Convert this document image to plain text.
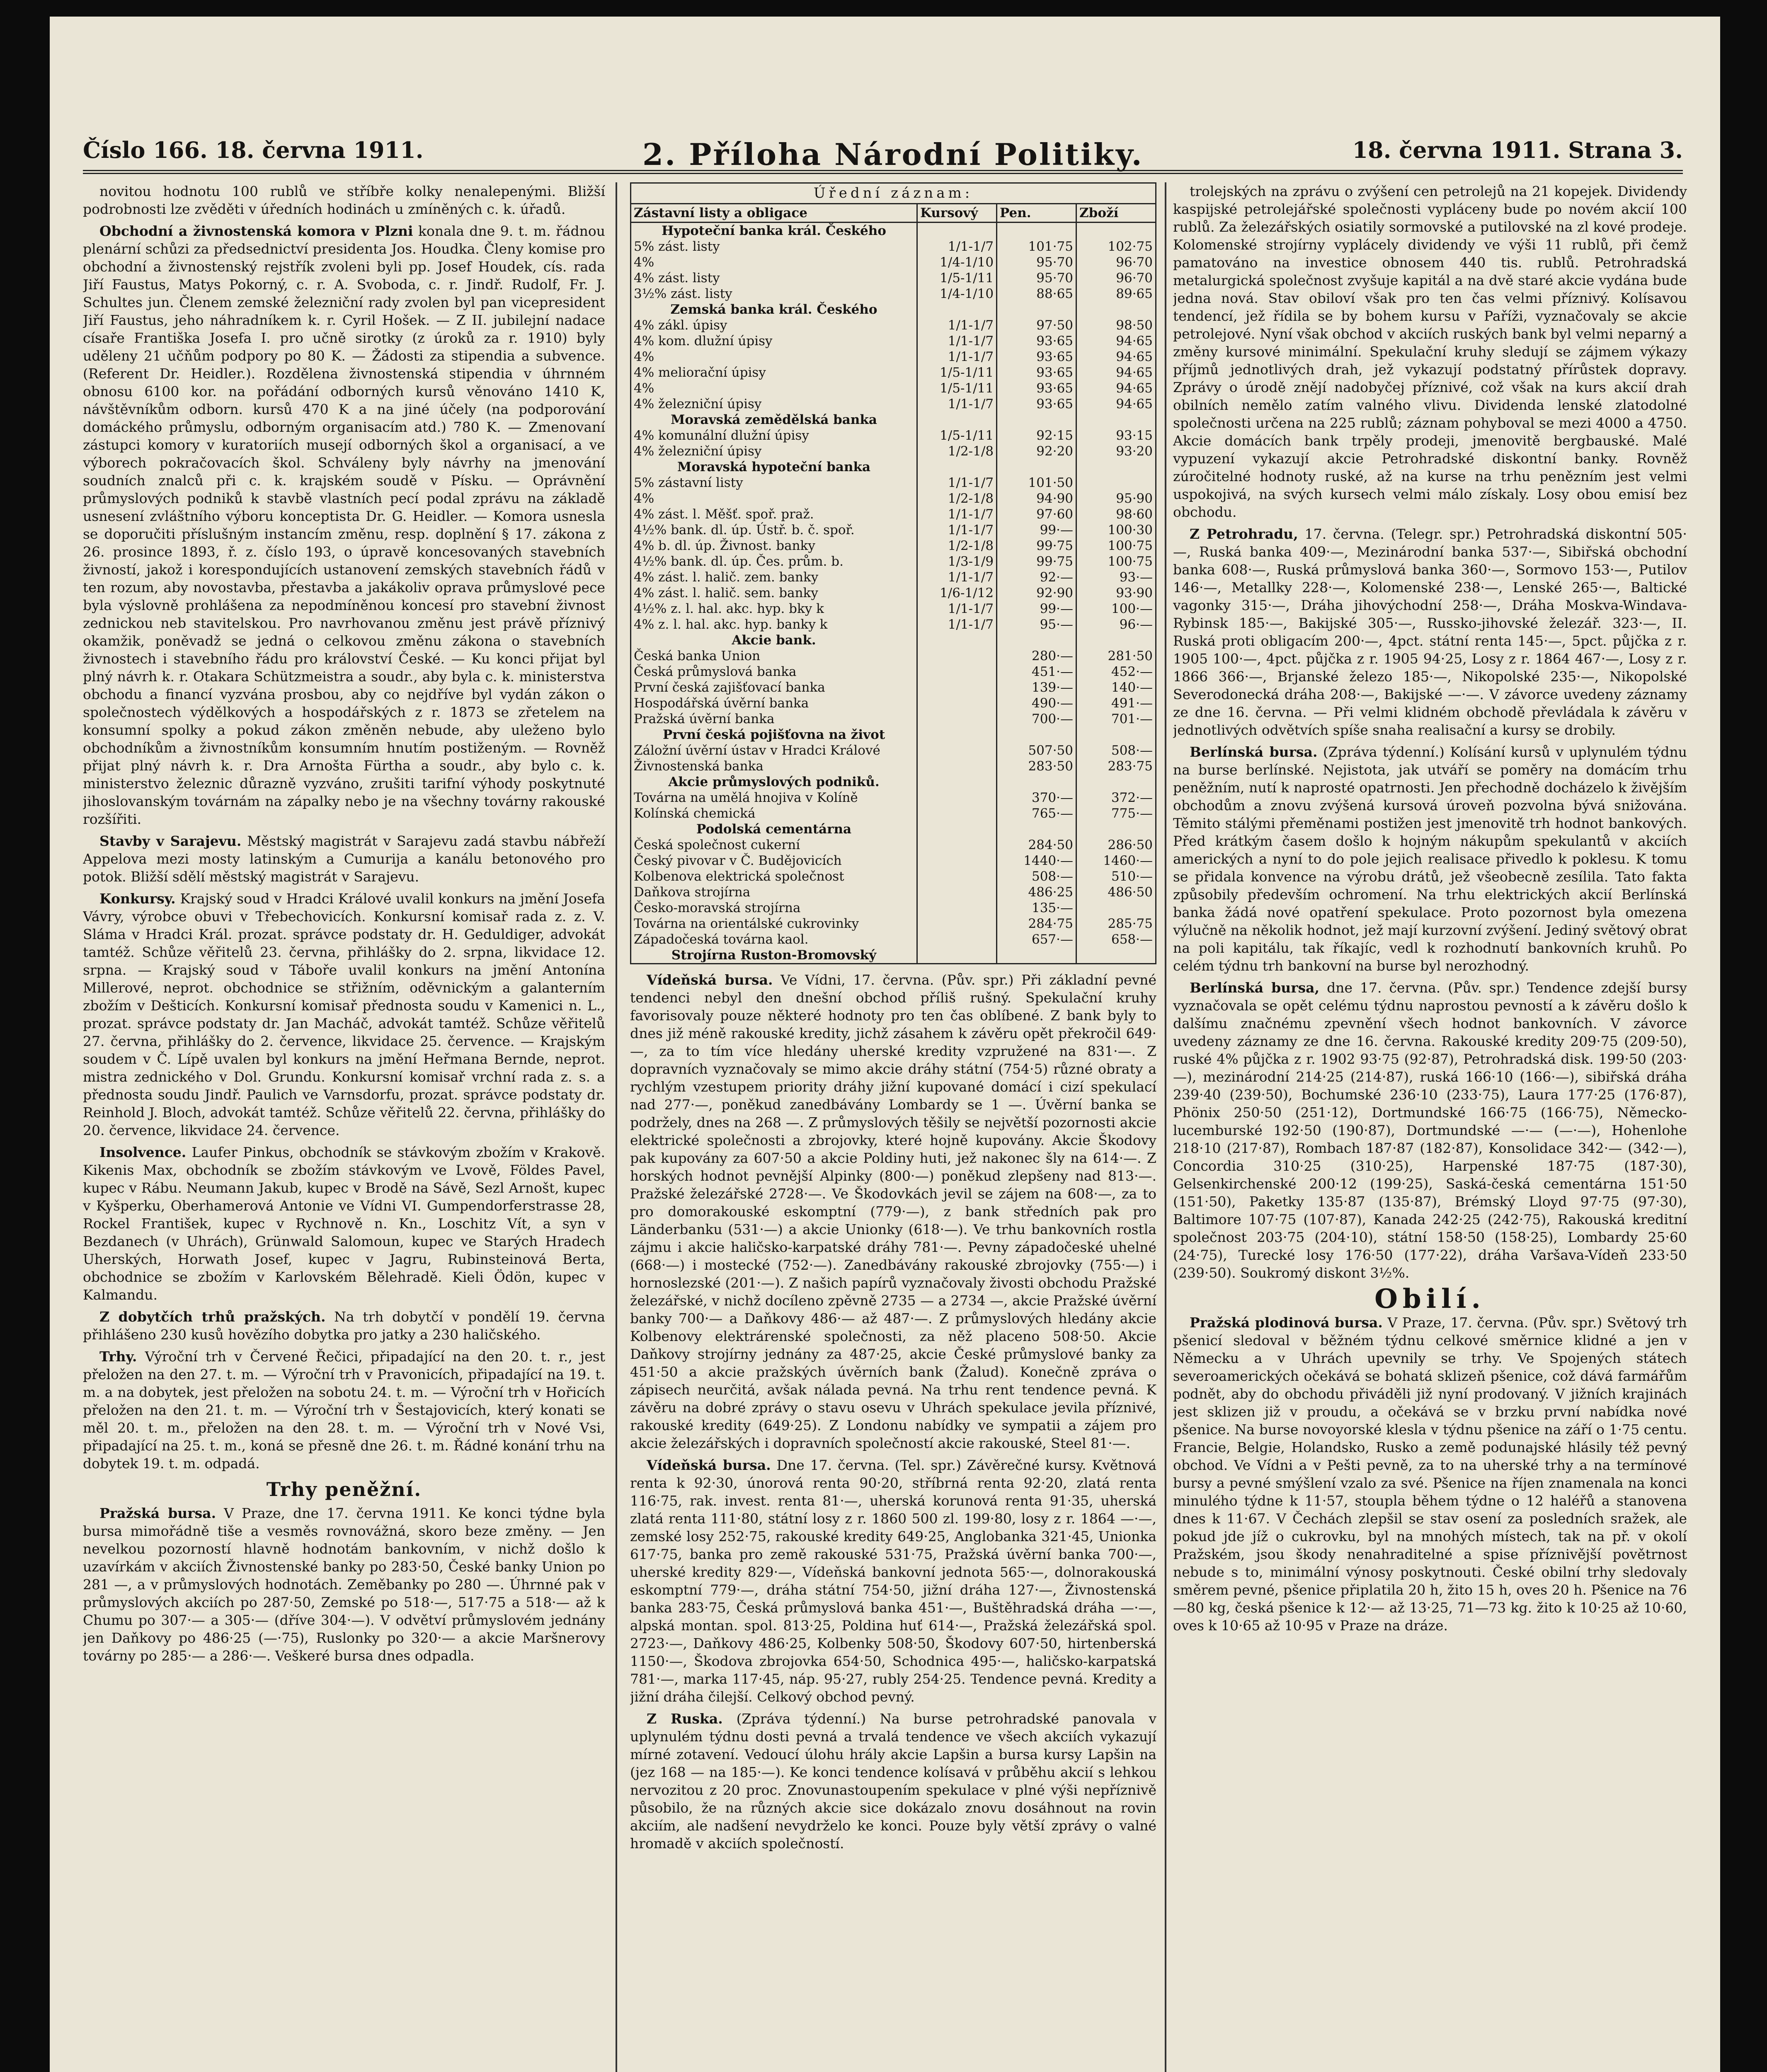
Číslo 166. 18. června 1911.	2. Příloha Národní Politiky.	18. června 1911. Strana 3.

novitou hodnotu 100 rublů ve stříbře kolky nenalepenými. Bližší podrobnosti lze zvěděti v úředních hodinách u zmíněných c. k. úřadů.

Obchodní a živnostenská komora v Plzni konala dne 9. t. m. řádnou plenární schůzi za předsednictví presidenta Jos. Houdka. Členy komise pro obchodní a živnostenský rejstřík zvoleni byli pp. Josef Houdek, cís. rada Jiří Faustus, Matys Pokorný, c. r. A. Svoboda, c. r. Jindř. Rudolf, Fr. J. Schultes jun. Členem zemské železniční rady zvolen byl pan vicepresident Jiří Faustus, jeho náhradníkem k. r. Cyril Hošek. — Z II. jubilejní nadace císaře Františka Josefa I. pro učně sirotky (z úroků za r. 1910) byly uděleny 21 učňům podpory po 80 K. — Žádosti za stipendia a subvence. (Referent Dr. Heidler.). Rozdělena živnostenská stipendia v úhrnném obnosu 6100 kor. na pořádání odborných kursů věnováno 1410 K, návštěvníkům odborn. kursů 470 K a na jiné účely (na podporování domáckého průmyslu, odborným organisacím atd.) 780 K. — Zmenovaní zástupci komory v kuratoriích musejí odborných škol a organisací, a ve výborech pokračovacích škol. Schváleny byly návrhy na jmenování soudních znalců při c. k. krajském soudě v Písku. — Oprávnění průmyslových podniků k stavbě vlastních pecí podal zprávu na základě usnesení zvláštního výboru konceptista Dr. G. Heidler. — Komora usnesla se doporučiti příslušným instancím změnu, resp. doplnění § 17. zákona z 26. prosince 1893, ř. z. číslo 193, o úpravě koncesovaných stavebních živností, jakož i korespondujících ustanovení zemských stavebních řádů v ten rozum, aby novostavba, přestavba a jakákoliv oprava průmyslové pece byla výslovně prohlášena za nepodmíněnou koncesí pro stavební živnost zednickou neb stavitelskou. Pro navrhovanou změnu jest právě příznivý okamžik, poněvadž se jedná o celkovou změnu zákona o stavebních živnostech i stavebního řádu pro království České. — Ku konci přijat byl plný návrh k. r. Otakara Schützmeistra a soudr., aby byla c. k. ministerstva obchodu a financí vyzvána prosbou, aby co nejdříve byl vydán zákon o společnostech výdělkových a hospodářských z r. 1873 se zřetelem na konsumní spolky a pokud zákon změněn nebude, aby uleženo bylo obchodníkům a živnostníkům konsumním hnutím postiženým. — Rovněž přijat plný návrh k. r. Dra Arnošta Fürtha a soudr., aby bylo c. k. ministerstvo železnic důrazně vyzváno, zrušiti tarifní výhody poskytnuté jihoslovanským továrnám na zápalky nebo je na všechny továrny rakouské rozšířiti.

Stavby v Sarajevu. Městský magistrát v Sarajevu zadá stavbu nábřeží Appelova mezi mosty latinským a Cumurija a kanálu betonového pro potok. Bližší sdělí městský magistrát v Sarajevu.

Konkursy. Krajský soud v Hradci Králové uvalil konkurs na jmění Josefa Vávry, výrobce obuvi v Třebechovicích. Konkursní komisař rada z. z. V. Sláma v Hradci Král. prozat. správce podstaty dr. H. Geduldiger, advokát tamtéž. Schůze věřitelů 23. června, přihlášky do 2. srpna, likvidace 12. srpna. — Krajský soud v Táboře uvalil konkurs na jmění Antonína Millerové, neprot. obchodnice se střižním, oděvnickým a galanterním zbožím v Dešticích. Konkursní komisař přednosta soudu v Kamenici n. L., prozat. správce podstaty dr. Jan Macháč, advokát tamtéž. Schůze věřitelů 27. června, přihlášky do 2. července, likvidace 25. července. — Krajským soudem v Č. Lípě uvalen byl konkurs na jmění Heřmana Bernde, neprot. mistra zednického v Dol. Grundu. Konkursní komisař vrchní rada z. s. a přednosta soudu Jindř. Paulich ve Varnsdorfu, prozat. správce podstaty dr. Reinhold J. Bloch, advokát tamtéž. Schůze věřitelů 22. června, přihlášky do 20. července, likvidace 24. července.

Insolvence. Laufer Pinkus, obchodník se stávkovým zbožím v Krakově. Kikenis Max, obchodník se zbožím stávkovým ve Lvově, Földes Pavel, kupec v Rábu. Neumann Jakub, kupec v Brodě na Sávě, Sezl Arnošt, kupec v Kyšperku, Oberhamerová Antonie ve Vídni VI. Gumpendorferstrasse 28, Rockel František, kupec v Rychnově n. Kn., Loschitz Vít, a syn v Bezdanech (v Uhrách), Grünwald Salomoun, kupec ve Starých Hradech Uherských, Horwath Josef, kupec v Jagru, Rubinsteinová Berta, obchodnice se zbožím v Karlovském Bělehradě. Kieli Ödön, kupec v Kalmandu.

Z dobytčích trhů pražských. Na trh dobytčí v pondělí 19. června přihlášeno 230 kusů hovězího dobytka pro jatky a 230 haličského.

Trhy. Výroční trh v Červené Řečici, připadající na den 20. t. r., jest přeložen na den 27. t. m. — Výroční trh v Pravonicích, připadající na 19. t. m. a na dobytek, jest přeložen na sobotu 24. t. m. — Výroční trh v Hořicích přeložen na den 21. t. m. — Výroční trh v Šestajovicích, který konati se měl 20. t. m., přeložen na den 28. t. m. — Výroční trh v Nové Vsi, připadající na 25. t. m., koná se přesně dne 26. t. m. Řádné konání trhu na dobytek 19. t. m. odpadá.

Trhy peněžní.

Pražská bursa. V Praze, dne 17. června 1911. Ke konci týdne byla bursa mimořádně tiše a vesměs rovnovážná, skoro beze změny. — Jen nevelkou pozorností hlavně hodnotám bankovním, v nichž došlo k uzavírkám v akciích Živnostenské banky po 283·50, České banky Union po 281 —, a v průmyslových hodnotách. Zeměbanky po 280 —. Úhrnné pak v průmyslových akciích po 287·50, Zemské po 518·—, 517·75 a 518·— až k Chumu po 307·— a 305·— (dříve 304·—). V odvětví průmyslovém jednány jen Daňkovy po 486·25 (—·75), Ruslonky po 320·— a akcie Maršnerovy továrny po 285·— a 286·—. Veškeré bursa dnes odpadla.

Úřední záznam:
Zástavní listy a obligace	Kursový	Pen.	Zboží
Hypoteční banka král. Českého			
5% zást. listy	1/1-1/7	101·75	102·75
4%	1/4-1/10	95·70	96·70
4% zást. listy	1/5-1/11	95·70	96·70
3½% zást. listy	1/4-1/10	88·65	89·65
Zemská banka král. Českého			
4% zákl. úpisy	1/1-1/7	97·50	98·50
4% kom. dlužní úpisy	1/1-1/7	93·65	94·65
4%	1/1-1/7	93·65	94·65
4% meliorační úpisy	1/5-1/11	93·65	94·65
4%	1/5-1/11	93·65	94·65
4% železniční úpisy	1/1-1/7	93·65	94·65
Moravská zemědělská banka			
4% komunální dlužní úpisy	1/5-1/11	92·15	93·15
4% železniční úpisy	1/2-1/8	92·20	93·20
Moravská hypoteční banka			
5% zástavní listy	1/1-1/7	101·50	
4%	1/2-1/8	94·90	95·90
4% zást. l. Měšť. spoř. praž.	1/1-1/7	97·60	98·60
4½% bank. dl. úp. Ústř. b. č. spoř.	1/1-1/7	99·—	100·30
4% b. dl. úp. Živnost. banky	1/2-1/8	99·75	100·75
4½% bank. dl. úp. Čes. prům. b.	1/3-1/9	99·75	100·75
4% zást. l. halič. zem. banky	1/1-1/7	92·—	93·—
4% zást. l. halič. sem. banky	1/6-1/12	92·90	93·90
4½% z. l. hal. akc. hyp. bky k	1/1-1/7	99·—	100·—
4% z. l. hal. akc. hyp. banky k	1/1-1/7	95·—	96·—
Akcie bank.			
Česká banka Union		280·—	281·50
Česká průmyslová banka		451·—	452·—
První česká zajišťovací banka		139·—	140·—
Hospodářská úvěrní banka		490·—	491·—
Pražská úvěrní banka		700·—	701·—
První česká pojišťovna na život			
Záložní úvěrní ústav v Hradci Králové		507·50	508·—
Živnostenská banka		283·50	283·75
Akcie průmyslových podniků.			
Továrna na umělá hnojiva v Kolíně		370·—	372·—
Kolínská chemická		765·—	775·—
Podolská cementárna			
Česká společnost cukerní		284·50	286·50
Český pivovar v Č. Budějovicích		1440·—	1460·—
Kolbenova elektrická společnost		508·—	510·—
Daňkova strojírna		486·25	486·50
Česko-moravská strojírna		135·—	
Továrna na orientálské cukrovinky		284·75	285·75
Západočeská továrna kaol.		657·—	658·—
Strojírna Ruston-Bromovský			

Vídeňská bursa. Ve Vídni, 17. června. (Pův. spr.) Při základní pevné tendenci nebyl den dnešní obchod příliš rušný. Spekulační kruhy favorisovaly pouze některé hodnoty pro ten čas oblíbené. Z bank byly to dnes již méně rakouské kredity, jichž zásahem k závěru opět překročil 649·—, za to tím více hledány uherské kredity vzpružené na 831·—. Z dopravních vyznačovaly se mimo akcie dráhy státní (754·5) různé obraty a rychlým vzestupem priority dráhy jižní kupované domácí i cizí spekulací nad 277·—, poněkud zanedbávány Lombardy se 1 —. Úvěrní banka se podržely, dnes na 268 —. Z průmyslových těšily se největší pozornosti akcie elektrické společnosti a zbrojovky, které hojně kupovány. Akcie Škodovy pak kupovány za 607·50 a akcie Poldiny huti, jež nakonec šly na 614·—. Z horských hodnot pevnější Alpinky (800·—) poněkud zlepšeny nad 813·—. Pražské železářské 2728·—. Ve Škodovkách jevil se zájem na 608·—, za to pro domorakouské eskomptní (779·—), z bank středních pak pro Länderbanku (531·—) a akcie Unionky (618·—). Ve trhu bankovních rostla zájmu i akcie haličsko-karpatské dráhy 781·—. Pevny západočeské uhelné (668·—) i mostecké (752·—). Zanedbávány rakouské zbrojovky (755·—) i hornoslezské (201·—). Z našich papírů vyznačovaly živosti obchodu Pražské železářské, v nichž docíleno zpěvně 2735 — a 2734 —, akcie Pražské úvěrní banky 700·— a Daňkovy 486·— až 487·—. Z průmyslových hledány akcie Kolbenovy elektrárenské společnosti, za něž placeno 508·50. Akcie Daňkovy strojírny jednány za 487·25, akcie České průmyslové banky za 451·50 a akcie pražských úvěrních bank (Žalud). Konečně zpráva o zápisech neurčitá, avšak nálada pevná. Na trhu rent tendence pevná. K závěru na dobré zprávy o stavu osevu v Uhrách spekulace jevila příznivé, rakouské kredity (649·25). Z Londonu nabídky ve sympatii a zájem pro akcie železářských i dopravních společností akcie rakouské, Steel 81·—.

Vídeňská bursa. Dne 17. června. (Tel. spr.) Závěrečné kursy. Květnová renta k 92·30, únorová renta 90·20, stříbrná renta 92·20, zlatá renta 116·75, rak. invest. renta 81·—, uherská korunová renta 91·35, uherská zlatá renta 111·80, státní losy z r. 1860 500 zl. 199·80, losy z r. 1864 —·—, zemské losy 252·75, rakouské kredity 649·25, Anglobanka 321·45, Unionka 617·75, banka pro země rakouské 531·75, Pražská úvěrní banka 700·—, uherské kredity 829·—, Vídeňská bankovní jednota 565·—, dolnorakouská eskomptní 779·—, dráha státní 754·50, jižní dráha 127·—, Živnostenská banka 283·75, Česká průmyslová banka 451·—, Buštěhradská dráha —·—, alpská montan. spol. 813·25, Poldina huť 614·—, Pražská železářská spol. 2723·—, Daňkovy 486·25, Kolbenky 508·50, Škodovy 607·50, hirtenberská 1150·—, Škodova zbrojovka 654·50, Schodnica 495·—, haličsko-karpatská 781·—, marka 117·45, náp. 95·27, rubly 254·25. Tendence pevná. Kredity a jižní dráha čilejší. Celkový obchod pevný.

Z Ruska. (Zpráva týdenní.) Na burse petrohradské panovala v uplynulém týdnu dosti pevná a trvalá tendence ve všech akciích vykazují mírné zotavení. Vedoucí úlohu hrály akcie Lapšin a bursa kursy Lapšin na (jez 168 — na 185·—). Ke konci tendence kolísavá v průběhu akcií s lehkou nervozitou z 20 proc. Znovunastoupením spekulace v plné výši nepříznivě působilo, že na různých akcie sice dokázalo znovu dosáhnout na rovin akciím, ale nadšení nevydrželo ke konci. Pouze byly větší zprávy o valné hromadě v akciích společností.

trolejských na zprávu o zvýšení cen petrolejů na 21 kopejek. Dividendy kaspijské petrolejářské společnosti vypláceny bude po novém akcií 100 rublů. Za železářských osiatily sormovské a putilovské na zl kové prodeje. Kolomenské strojírny vyplácely dividendy ve výši 11 rublů, při čemž pamatováno na investice obnosem 440 tis. rublů. Petrohradská metalurgická společnost zvyšuje kapitál a na dvě staré akcie vydána bude jedna nová. Stav obiloví však pro ten čas velmi příznivý. Kolísavou tendencí, jež řídila se by bohem kursu v Paříži, vyznačovaly se akcie petrolejové. Nyní však obchod v akciích ruských bank byl velmi neparný a změny kursové minimální. Spekulační kruhy sledují se zájmem výkazy příjmů jednotlivých drah, jež vykazují podstatný přírůstek dopravy. Zprávy o úrodě znějí nadobyčej příznivé, což však na kurs akcií drah obilních nemělo zatím valného vlivu. Dividenda lenské zlatodolné společnosti určena na 225 rublů; záznam pohyboval se mezi 4000 a 4750. Akcie domácích bank trpěly prodeji, jmenovitě bergbauské. Malé vypuzení vykazují akcie Petrohradské diskontní banky. Rovněž zúročitelné hodnoty ruské, až na kurse na trhu penězním jest velmi uspokojivá, na svých kursech velmi málo získaly. Losy obou emisí bez obchodu.

Z Petrohradu, 17. června. (Telegr. spr.) Petrohradská diskontní 505·—, Ruská banka 409·—, Mezinárodní banka 537·—, Sibiřská obchodní banka 608·—, Ruská průmyslová banka 360·—, Sormovo 153·—, Putilov 146·—, Metallky 228·—, Kolomenské 238·—, Lenské 265·—, Baltické vagonky 315·—, Dráha jihovýchodní 258·—, Dráha Moskva-Windava-Rybinsk 185·—, Bakijské 305·—, Russko-jihovské železář. 323·—, II. Ruská proti obligacím 200·—, 4pct. státní renta 145·—, 5pct. půjčka z r. 1905 100·—, 4pct. půjčka z r. 1905 94·25, Losy z r. 1864 467·—, Losy z r. 1866 366·—, Brjanské železo 185·—, Nikopolské 235·—, Nikopolské Severodonecká dráha 208·—, Bakijské —·—. V závorce uvedeny záznamy ze dne 16. června. — Při velmi klidném obchodě převládala k závěru v jednotlivých odvětvích spíše snaha realisační a kursy se drobily.

Berlínská bursa. (Zpráva týdenní.) Kolísání kursů v uplynulém týdnu na burse berlínské. Nejistota, jak utváří se poměry na domácím trhu peněžním, nutí k naprosté opatrnosti. Jen přechodně docházelo k živějším obchodům a znovu zvýšená kursová úroveň pozvolna bývá snižována. Těmito stálými přeměnami postižen jest jmenovitě trh hodnot bankových. Před krátkým časem došlo k hojným nákupům spekulantů v akciích amerických a nyní to do pole jejich realisace přivedlo k poklesu. K tomu se přidala konvence na výrobu drátů, jež všeobecně zesílila. Tato fakta způsobily především ochromení. Na trhu elektrických akcií Berlínská banka žádá nové opatření spekulace. Proto pozornost byla omezena výlučně na několik hodnot, jež mají kurzovní zvýšení. Jediný světový obrat na poli kapitálu, tak říkajíc, vedl k rozhodnutí bankovních kruhů. Po celém týdnu trh bankovní na burse byl nerozhodný.

Berlínská bursa, dne 17. června. (Pův. spr.) Tendence zdejší bursy vyznačovala se opět celému týdnu naprostou pevností a k závěru došlo k dalšímu značnému zpevnění všech hodnot bankovních. V závorce uvedeny záznamy ze dne 16. června. Rakouské kredity 209·75 (209·50), ruské 4% půjčka z r. 1902 93·75 (92·87), Petrohradská disk. 199·50 (203·—), mezinárodní 214·25 (214·87), ruská 166·10 (166·—), sibiřská dráha 239·40 (239·50), Bochumské 236·10 (233·75), Laura 177·25 (176·87), Phönix 250·50 (251·12), Dortmundské 166·75 (166·75), Německo-lucemburské 192·50 (190·87), Dortmundské —·— (—·—), Hohenlohe 218·10 (217·87), Rombach 187·87 (182·87), Konsolidace 342·— (342·—), Concordia 310·25 (310·25), Harpenské 187·75 (187·30), Gelsenkirchenské 200·12 (199·25), Saská-česká cementárna 151·50 (151·50), Paketky 135·87 (135·87), Brémský Lloyd 97·75 (97·30), Baltimore 107·75 (107·87), Kanada 242·25 (242·75), Rakouská kreditní společnost 203·75 (204·10), státní 158·50 (158·25), Lombardy 25·60 (24·75), Turecké losy 176·50 (177·22), dráha Varšava-Vídeň 233·50 (239·50). Soukromý diskont 3½%.

Obilí.

Pražská plodinová bursa. V Praze, 17. června. (Pův. spr.) Světový trh pšenicí sledoval v běžném týdnu celkové směrnice klidné a jen v Německu a v Uhrách upevnily se trhy. Ve Spojených státech severoamerických očekává se bohatá sklizeň pšenice, což dává farmářům podnět, aby do obchodu přiváděli již nyní prodovaný. V jižních krajinách jest sklizen již v proudu, a očekává se v brzku první nabídka nové pšenice. Na burse novoyorské klesla v týdnu pšenice na září o 1·75 centu. Francie, Belgie, Holandsko, Rusko a země podunajské hlásily též pevný obchod. Ve Vídni a v Pešti pevně, za to na uherské trhy a na termínové bursy a pevné smýšlení vzalo za své. Pšenice na říjen znamenala na konci minulého týdne k 11·57, stoupla během týdne o 12 haléřů a stanovena dnes k 11·67. V Čechách zlepšil se stav osení za posledních sražek, ale pokud jde jíž o cukrovku, byl na mnohých místech, tak na př. v okolí Pražském, jsou škody nenahraditelné a spise příznivější povětrnost nebude s to, minimální výnosy poskytnouti. České obilní trhy sledovaly směrem pevné, pšenice připlatila 20 h, žito 15 h, oves 20 h. Pšenice na 76—80 kg, česká pšenice k 12·— až 13·25, 71—73 kg. žito k 10·25 až 10·60, oves k 10·65 až 10·95 v Praze na dráze.
